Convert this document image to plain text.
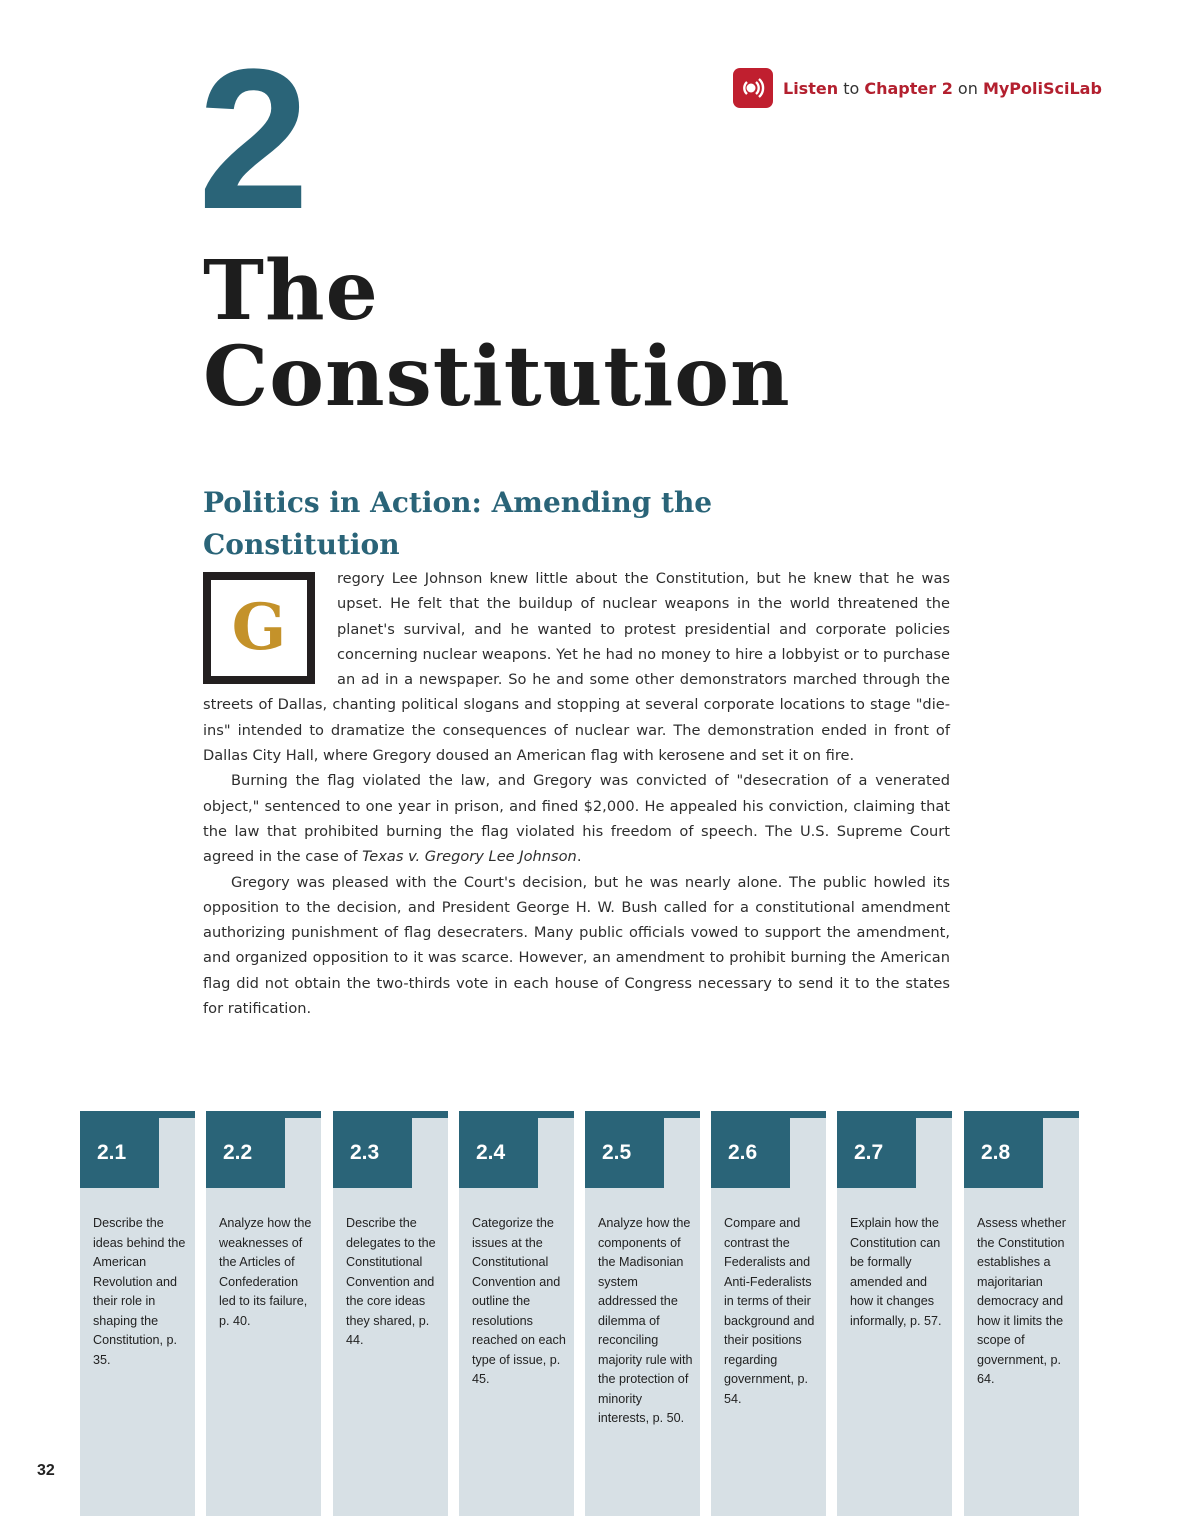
2	Listen to Chapter 2 on MyPoliSciLab
The
Constitution
Politics in Action: Amending the Constitution

G
regory Lee Johnson knew little about the Constitution, but he knew that he was upset. He felt that the buildup of nuclear weapons in the world threatened the planet's survival, and he wanted to protest presidential and corporate policies concerning nuclear weapons. Yet he had no money to hire a lobbyist or to purchase an ad in a newspaper. So he and some other demonstrators marched through the streets of Dallas, chanting political slogans and stopping at several corporate locations to stage "die-ins" intended to dramatize the consequences of nuclear war. The demonstration ended in front of Dallas City Hall, where Gregory doused an American flag with kerosene and set it on fire.

Burning the flag violated the law, and Gregory was convicted of "desecration of a venerated object," sentenced to one year in prison, and fined $2,000. He appealed his conviction, claiming that the law that prohibited burning the flag violated his freedom of speech. The U.S. Supreme Court agreed in the case of Texas v. Gregory Lee Johnson.

Gregory was pleased with the Court's decision, but he was nearly alone. The public howled its opposition to the decision, and President George H. W. Bush called for a constitutional amendment authorizing punishment of flag desecraters. Many public officials vowed to support the amendment, and organized opposition to it was scarce. However, an amendment to prohibit burning the American flag did not obtain the two-thirds vote in each house of Congress necessary to send it to the states for ratification.

2.1
Describe the ideas behind the American Revolution and their role in shaping the Constitution, p. 35.
2.2
Analyze how the weaknesses of the Articles of Confederation led to its failure, p. 40.
2.3
Describe the delegates to the Constitutional Convention and the core ideas they shared, p. 44.
2.4
Categorize the issues at the Constitutional Convention and outline the resolutions reached on each type of issue, p. 45.
2.5
Analyze how the components of the Madisonian system addressed the dilemma of reconciling majority rule with the protection of minority interests, p. 50.
2.6
Compare and contrast the Federalists and Anti-Federalists in terms of their background and their positions regarding government, p. 54.
2.7
Explain how the Constitution can be formally amended and how it changes informally, p. 57.
2.8
Assess whether the Constitution establishes a majoritarian democracy and how it limits the scope of government, p. 64.
32
